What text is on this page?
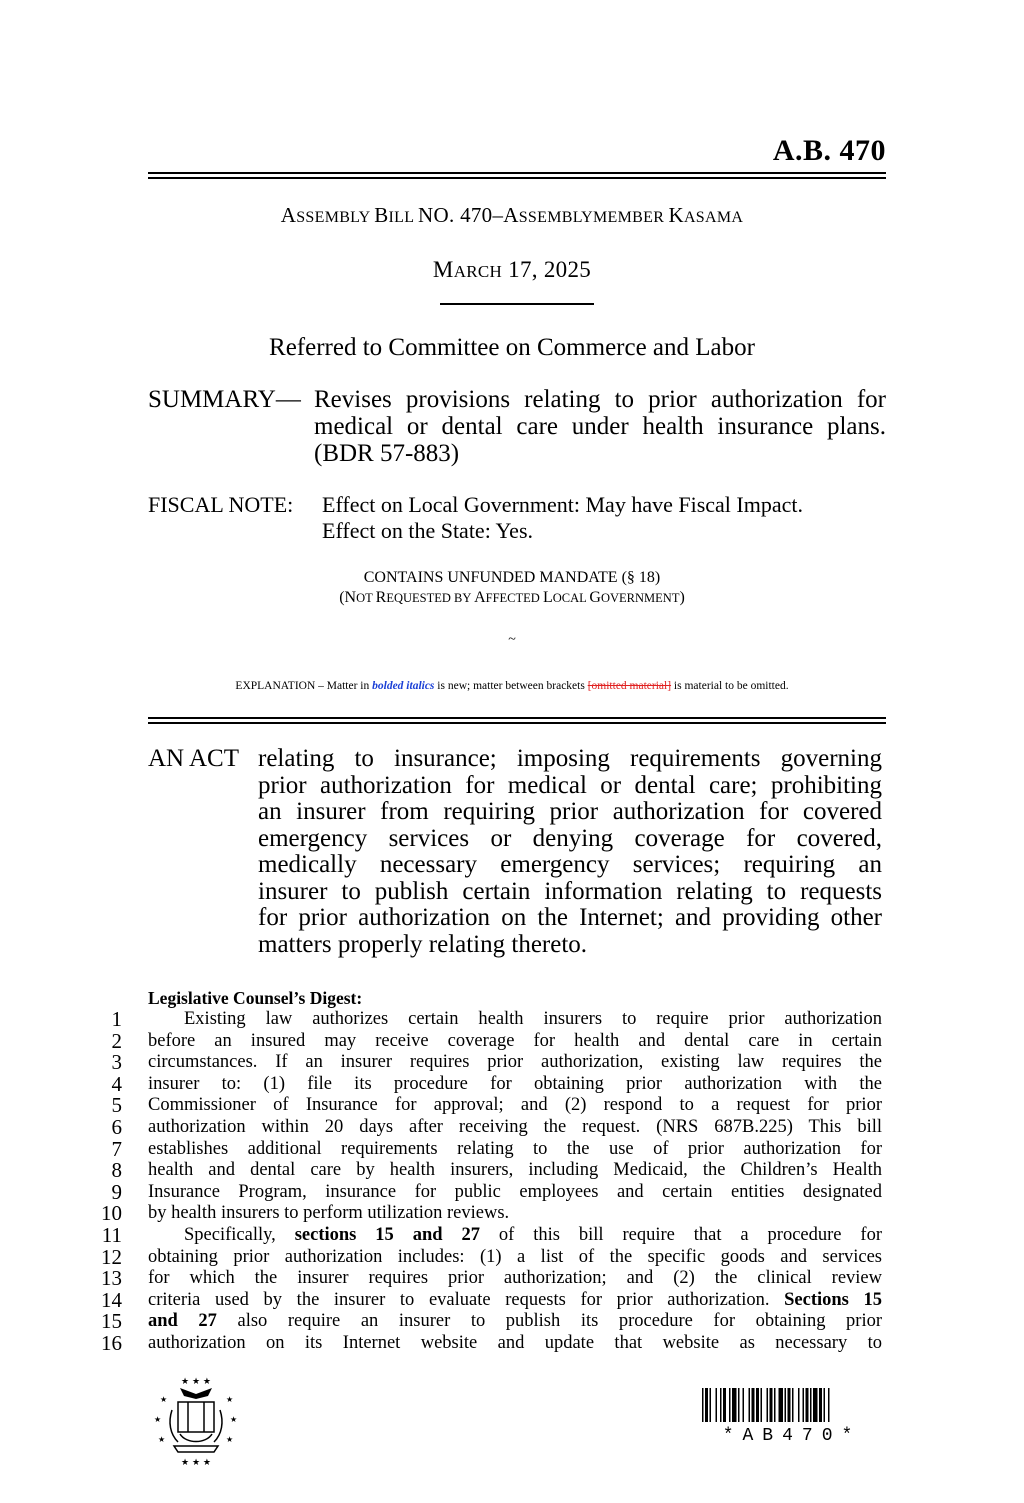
A.B. 470
ASSEMBLY BILL NO. 470–ASSEMBLYMEMBER KASAMA
MARCH 17, 2025
Referred to Committee on Commerce and Labor
SUMMARY— Revises provisions relating to prior authorization for
medical or dental care under health insurance plans.
(BDR 57-883)
FISCAL NOTE: Effect on Local Government: May have Fiscal Impact.
Effect on the State: Yes.
CONTAINS UNFUNDED MANDATE (§ 18)
(NOT REQUESTED BY AFFECTED LOCAL GOVERNMENT)
~
EXPLANATION – Matter in bolded italics is new; matter between brackets [omitted material] is material to be omitted.
AN ACT relating to insurance; imposing requirements governing
prior authorization for medical or dental care; prohibiting
an insurer from requiring prior authorization for covered
emergency services or denying coverage for covered,
medically necessary emergency services; requiring an
insurer to publish certain information relating to requests
for prior authorization on the Internet; and providing other
matters properly relating thereto.
Legislative Counsel’s Digest:
1
2
3
4
5
6
7
8
9
10
11
12
13
14
15
16
Existing law authorizes certain health insurers to require prior authorization
before an insured may receive coverage for health and dental care in certain
circumstances. If an insurer requires prior authorization, existing law requires the
insurer to: (1) file its procedure for obtaining prior authorization with the
Commissioner of Insurance for approval; and (2) respond to a request for prior
authorization within 20 days after receiving the request. (NRS 687B.225) This bill
establishes additional requirements relating to the use of prior authorization for
health and dental care by health insurers, including Medicaid, the Children’s Health
Insurance Program, insurance for public employees and certain entities designated
by health insurers to perform utilization reviews.
Specifically, sections 15 and 27 of this bill require that a procedure for
obtaining prior authorization includes: (1) a list of the specific goods and services
for which the insurer requires prior authorization; and (2) the clinical review
criteria used by the insurer to evaluate requests for prior authorization. Sections 15
and 27 also require an insurer to publish its procedure for obtaining prior
authorization on its Internet website and update that website as necessary to
★ ★ ★
★	★
★	★
★	★
★ ★ ★
*AB470*
